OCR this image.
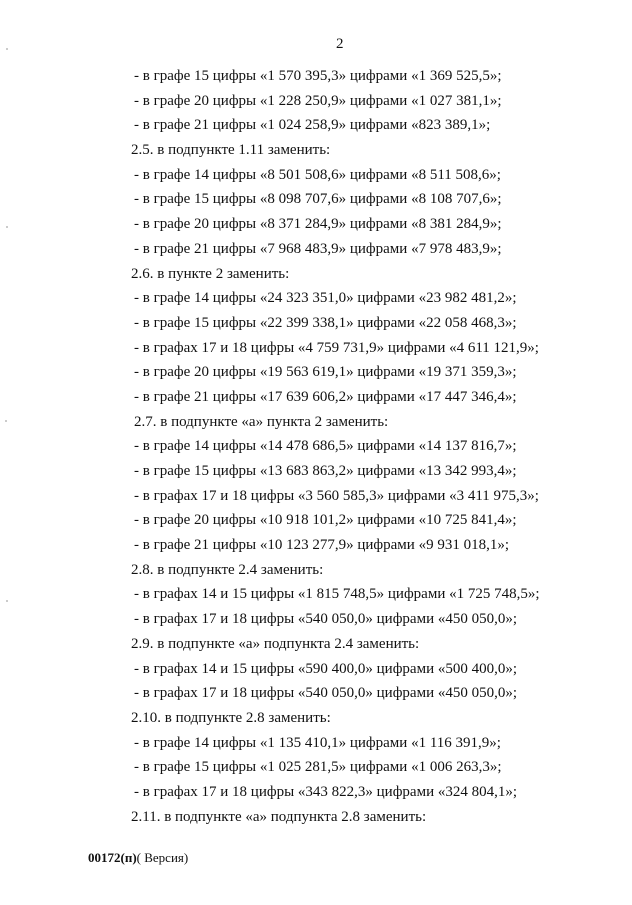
2
- в графе 15 цифры «1 570 395,3» цифрами «1 369 525,5»;
- в графе 20 цифры «1 228 250,9» цифрами «1 027 381,1»;
- в графе 21 цифры «1 024 258,9» цифрами «823 389,1»;
2.5. в подпункте 1.11 заменить:
- в графе 14 цифры «8 501 508,6» цифрами «8 511 508,6»;
- в графе 15 цифры «8 098 707,6» цифрами «8 108 707,6»;
- в графе 20 цифры «8 371 284,9» цифрами «8 381 284,9»;
- в графе 21 цифры «7 968 483,9» цифрами «7 978 483,9»;
2.6. в пункте 2 заменить:
- в графе 14 цифры «24 323 351,0» цифрами «23 982 481,2»;
- в графе 15 цифры «22 399 338,1» цифрами «22 058 468,3»;
- в графах 17 и 18 цифры «4 759 731,9» цифрами «4 611 121,9»;
- в графе 20 цифры «19 563 619,1» цифрами «19 371 359,3»;
- в графе 21 цифры «17 639 606,2» цифрами «17 447 346,4»;
2.7. в подпункте «а» пункта 2 заменить:
- в графе 14 цифры «14 478 686,5» цифрами «14 137 816,7»;
- в графе 15 цифры «13 683 863,2» цифрами «13 342 993,4»;
- в графах 17 и 18 цифры «3 560 585,3» цифрами «3 411 975,3»;
- в графе 20 цифры «10 918 101,2» цифрами «10 725 841,4»;
- в графе 21 цифры «10 123 277,9» цифрами «9 931 018,1»;
2.8. в подпункте 2.4 заменить:
- в графах 14 и 15 цифры «1 815 748,5» цифрами «1 725 748,5»;
- в графах 17 и 18 цифры «540 050,0» цифрами «450 050,0»;
2.9. в подпункте «а» подпункта 2.4 заменить:
- в графах 14 и 15 цифры «590 400,0» цифрами «500 400,0»;
- в графах 17 и 18 цифры «540 050,0» цифрами «450 050,0»;
2.10. в подпункте 2.8 заменить:
- в графе 14 цифры «1 135 410,1» цифрами «1 116 391,9»;
- в графе 15 цифры «1 025 281,5» цифрами «1 006 263,3»;
- в графах 17 и 18 цифры «343 822,3» цифрами «324 804,1»;
2.11. в подпункте «а» подпункта 2.8 заменить:
00172(п)( Версия)
